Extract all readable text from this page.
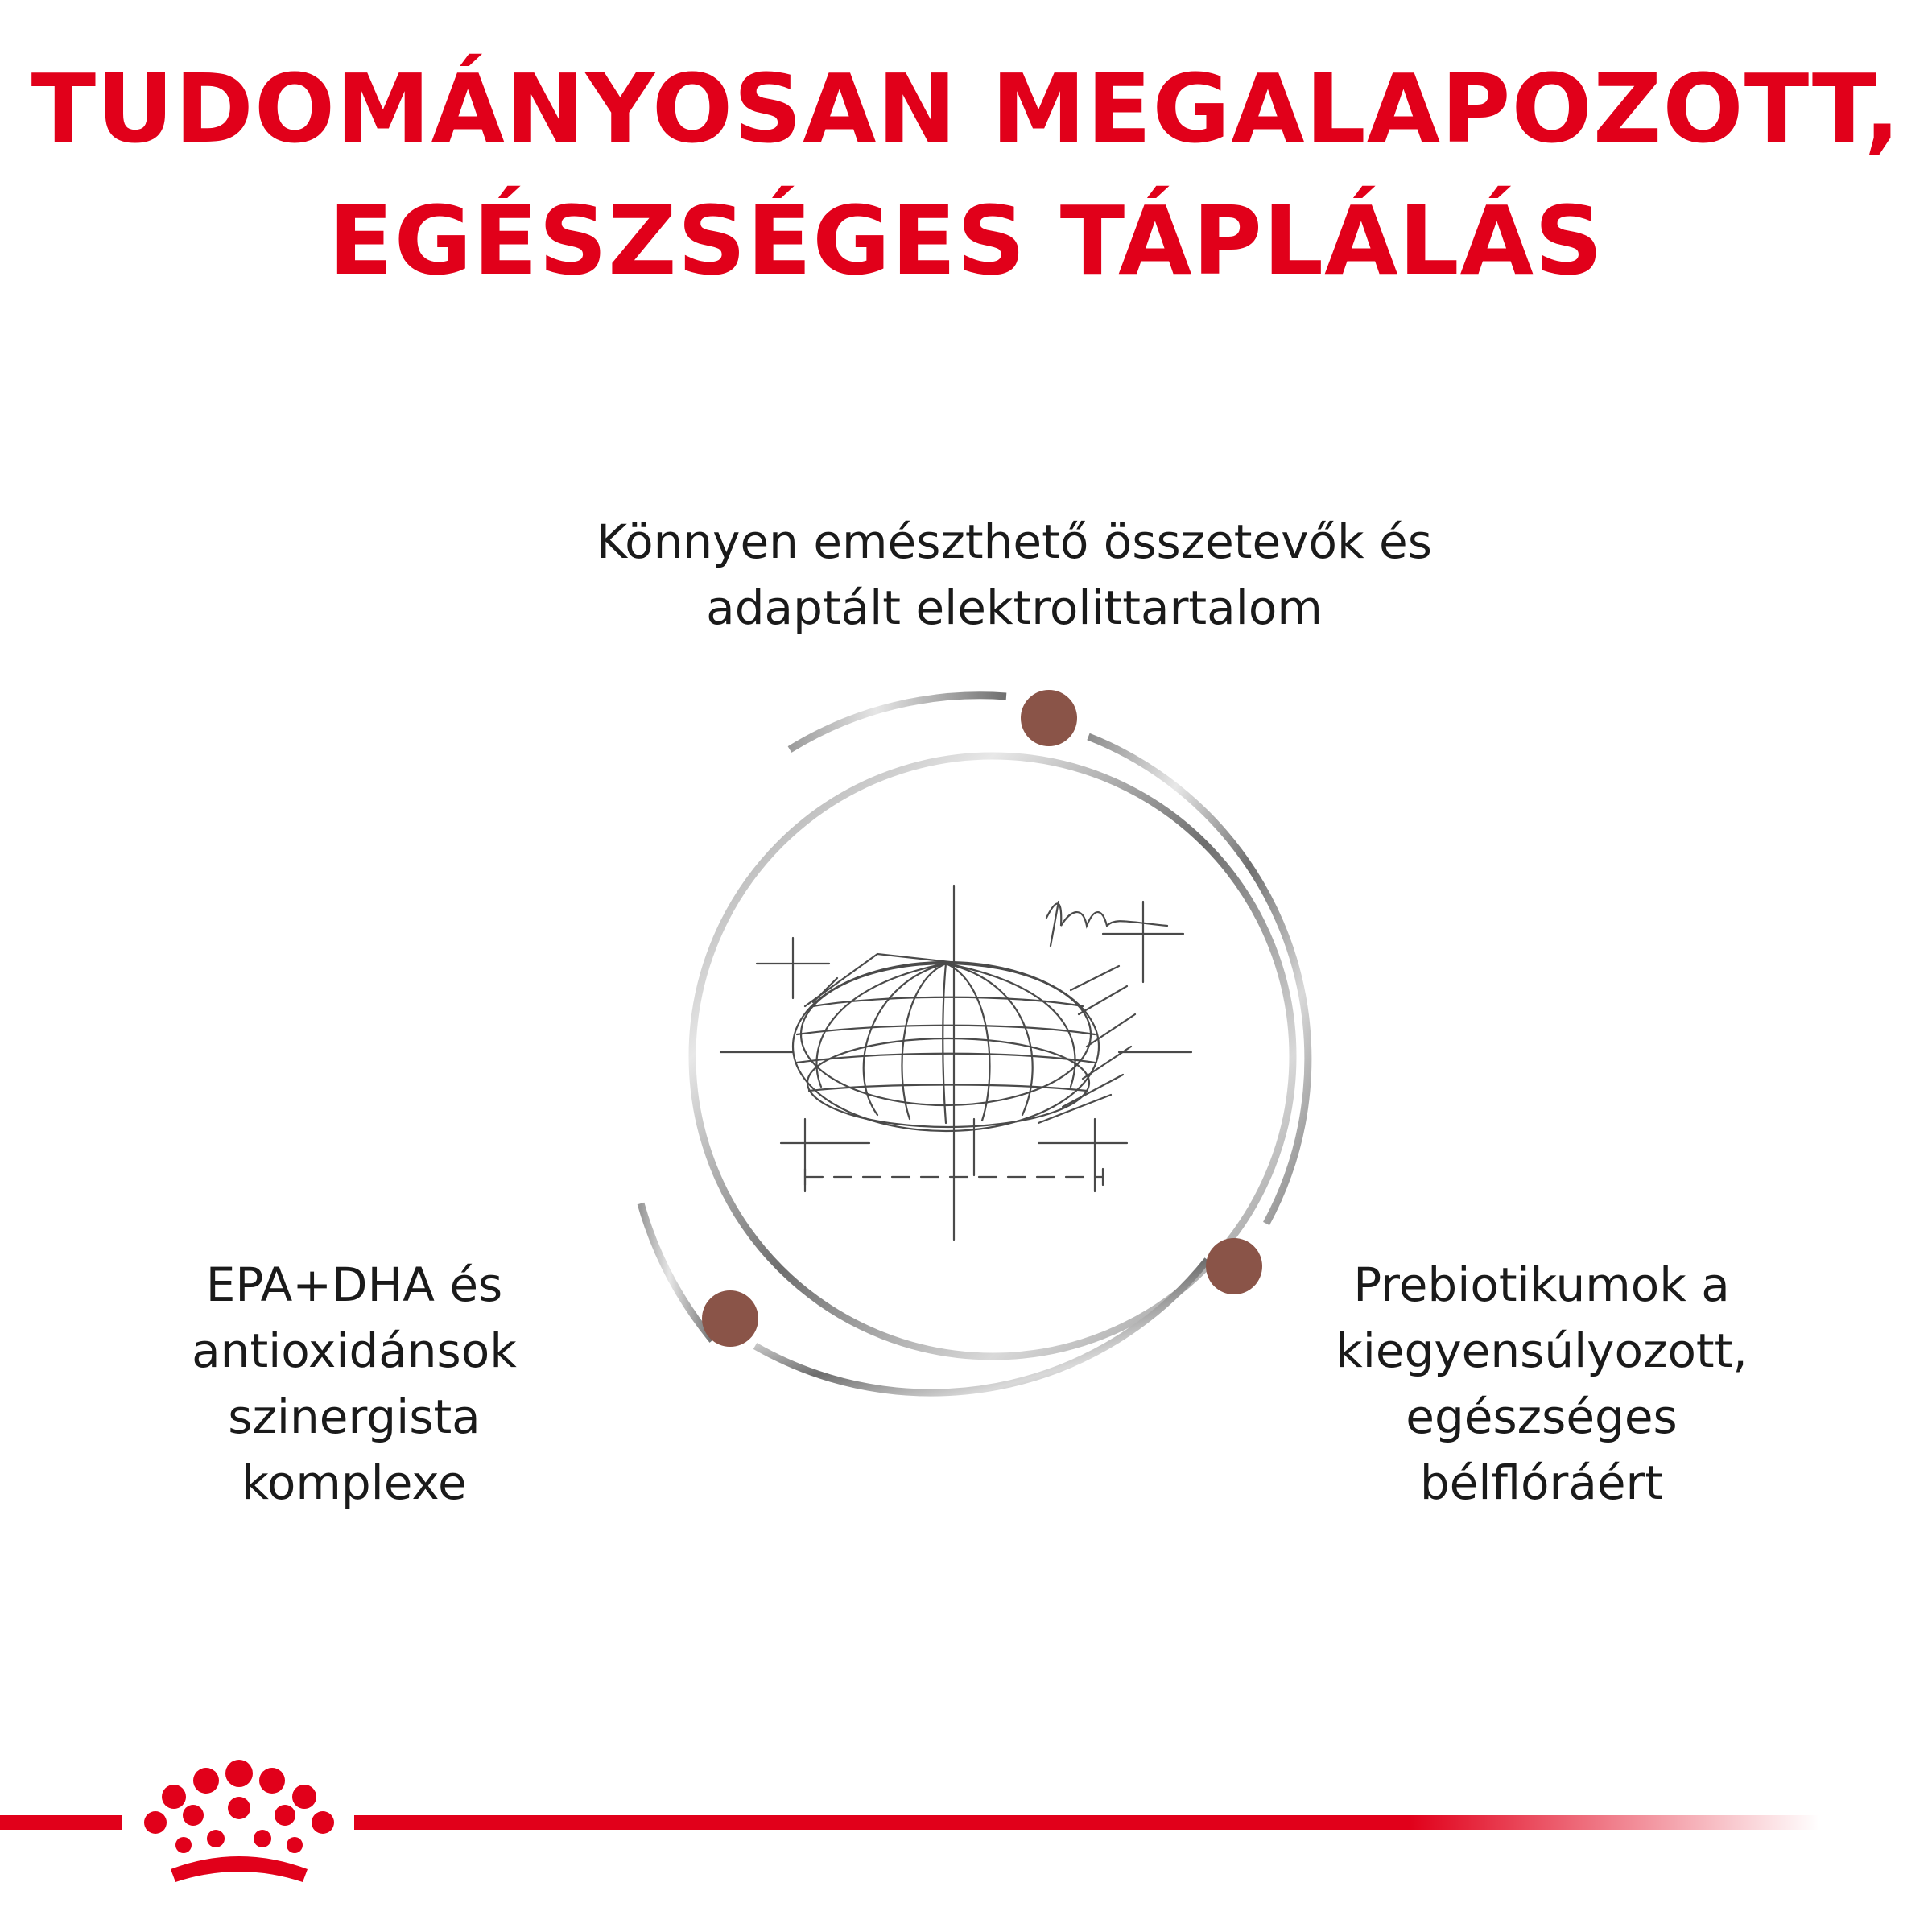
TUDOMÁNYOSAN MEGALAPOZOTT,
EGÉSZSÉGES TÁPLÁLÁS
Könnyen emészthető összetevők és
adaptált elektrolittartalom
EPA+DHA és
antioxidánsok
szinergista
komplexe
Prebiotikumok a
kiegyensúlyozott,
egészséges
bélflóráért
